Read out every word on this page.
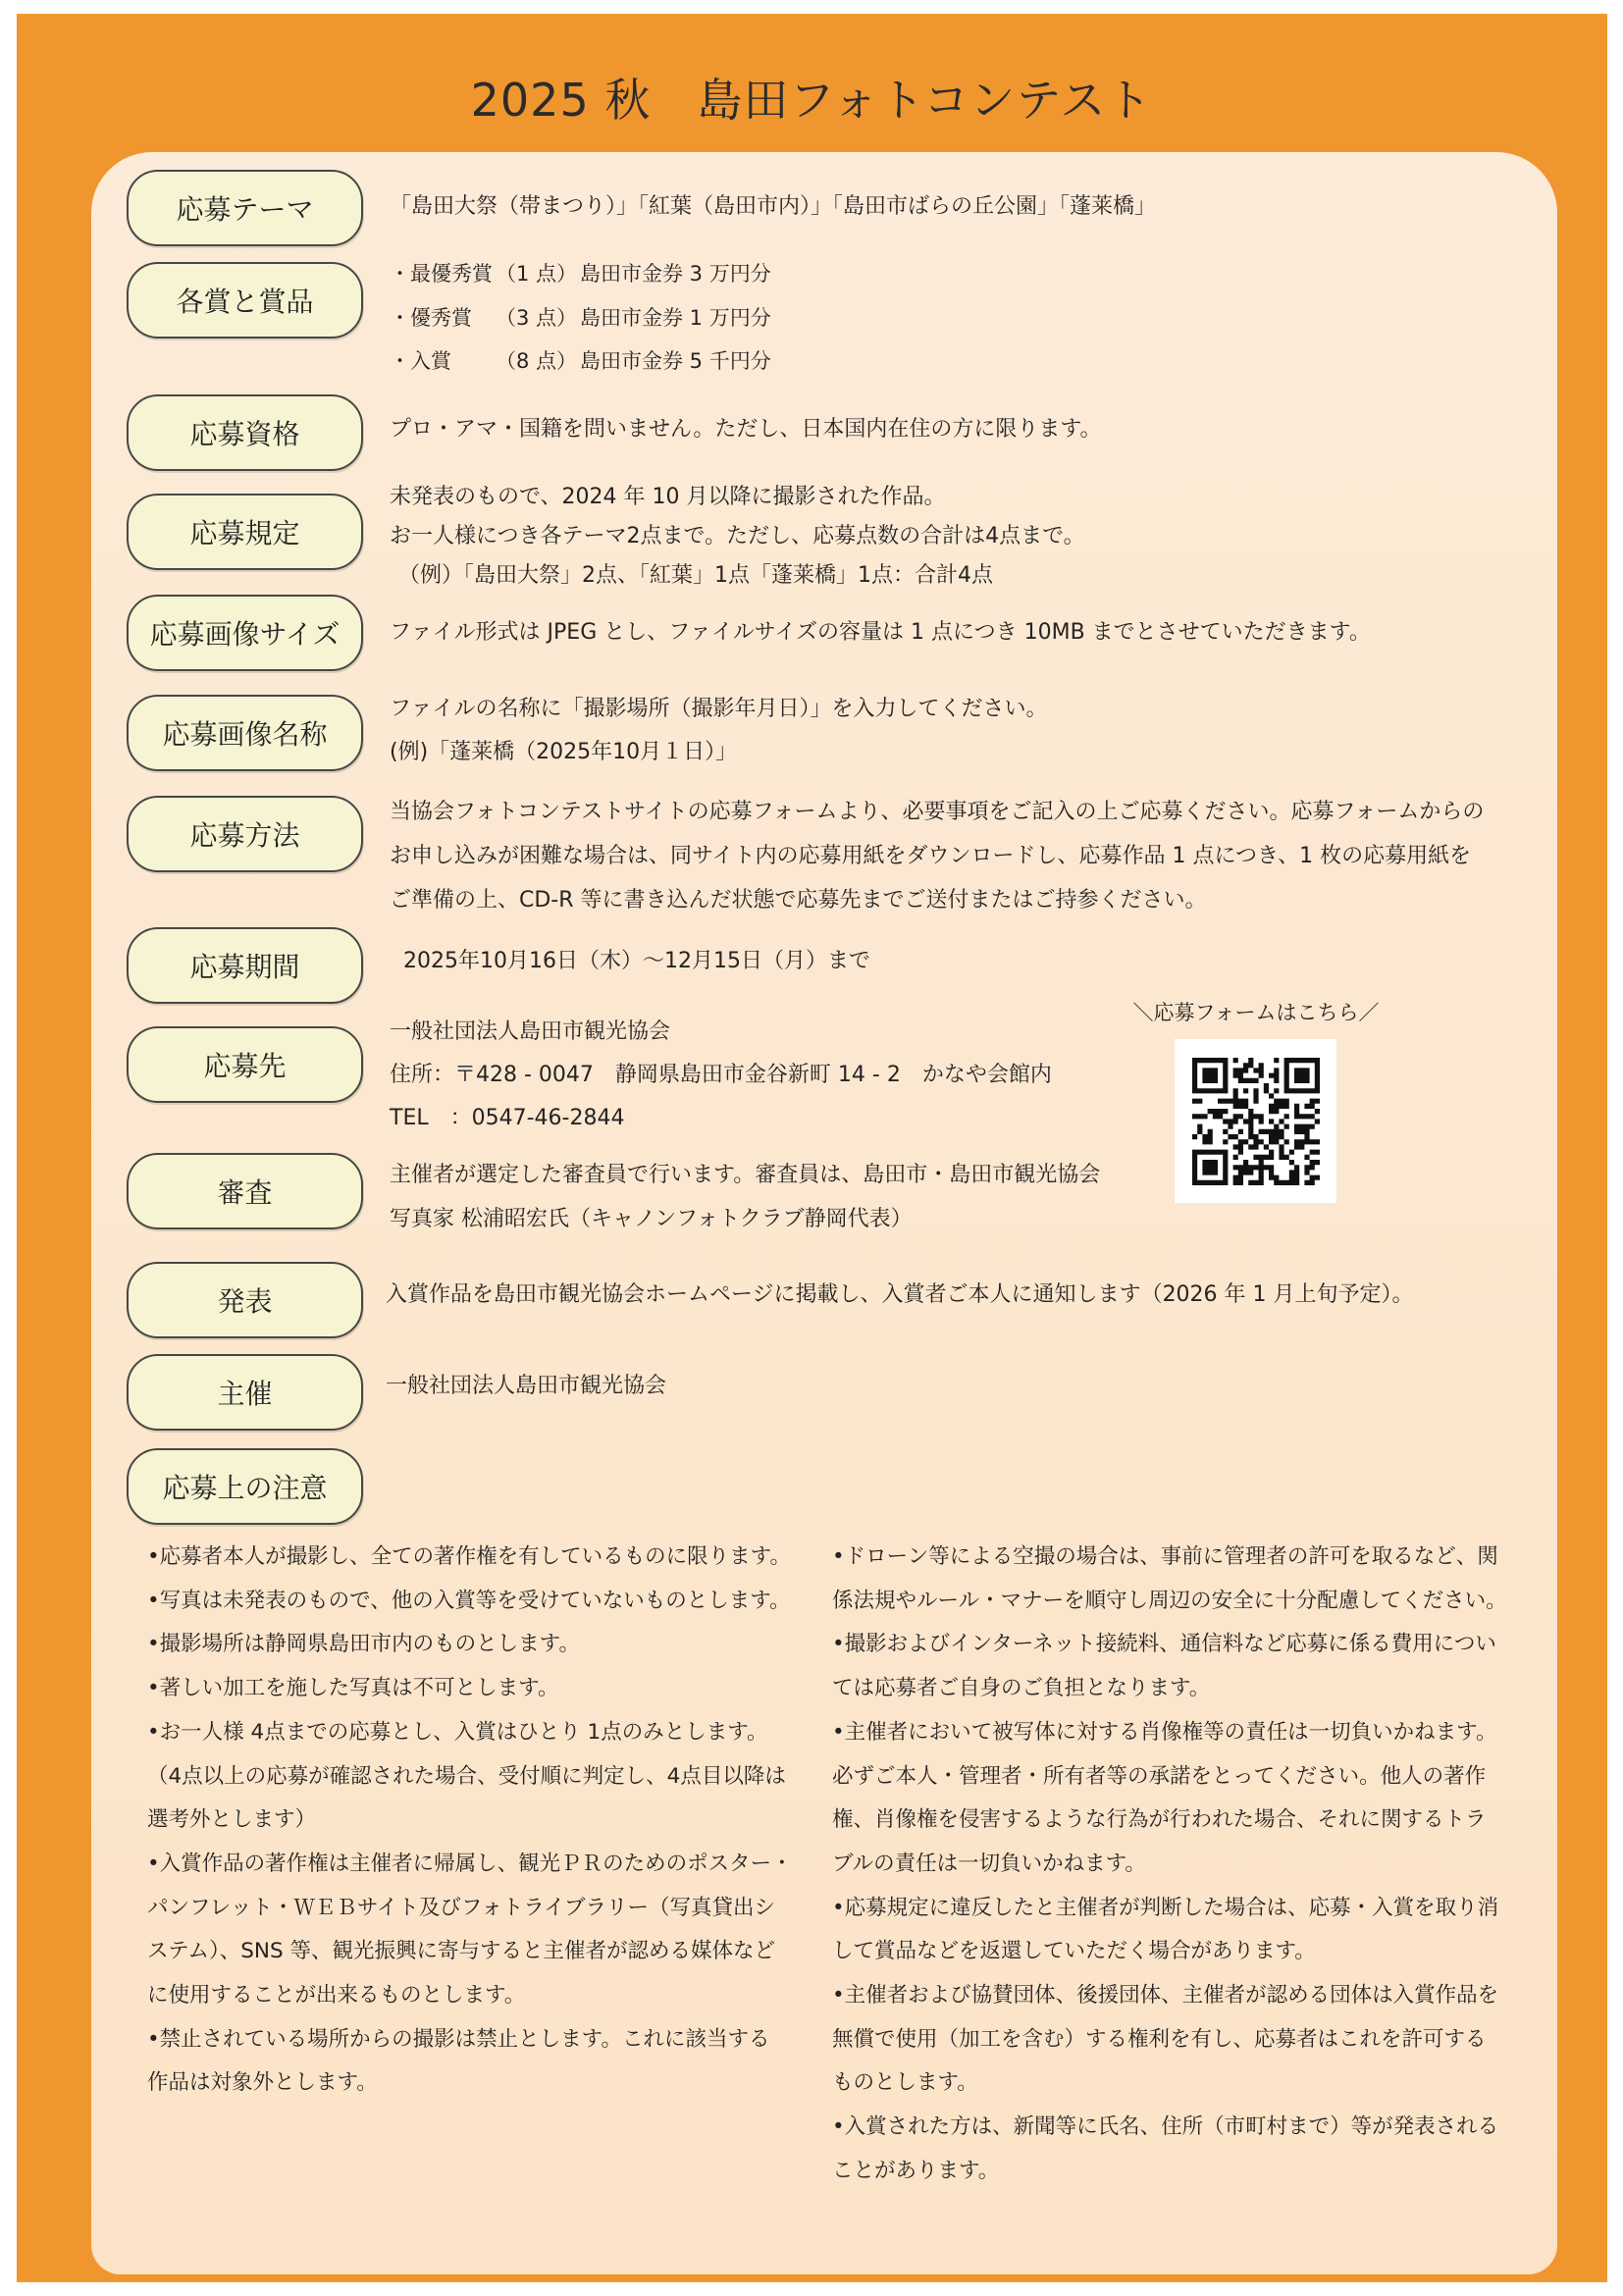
2025 秋　島田フォトコンテスト
応募テーマ
各賞と賞品
応募資格
応募規定
応募画像サイズ
応募画像名称
応募方法
応募期間
応募先
審査
発表
主催
応募上の注意
「島田大祭（帯まつり）」「紅葉（島田市内）」「島田市ばらの丘公園」「蓬莱橋」
・最優秀賞 （1 点） 島田市金券 3 万円分
・優秀賞	（3 点） 島田市金券 1 万円分
・入賞	（8 点） 島田市金券 5 千円分
プロ・アマ・国籍を問いません。ただし、日本国内在住の方に限ります。
未発表のもので、2024 年 10 月以降に撮影された作品。
お一人様につき各テーマ2点まで。ただし、応募点数の合計は4点まで。
（例）「島田大祭」2点、「紅葉」1点「蓬莱橋」1点：合計4点
ファイル形式は JPEG とし、ファイルサイズの容量は 1 点につき 10MB までとさせていただきます。
ファイルの名称に「撮影場所（撮影年月日）」を入力してください。
(例)「蓬莱橋（2025年10月１日）」
当協会フォトコンテストサイトの応募フォームより、必要事項をご記入の上ご応募ください。応募フォームからの
お申し込みが困難な場合は、同サイト内の応募用紙をダウンロードし、応募作品 1 点につき、1 枚の応募用紙を
ご準備の上、CD-R 等に書き込んだ状態で応募先までご送付またはご持参ください。
2025年10月16日（木）～12月15日（月）まで
一般社団法人島田市観光協会
住所：〒428 - 0047　静岡県島田市金谷新町 14 - 2　かなや会館内
TEL　：0547-46-2844
＼応募フォームはこちら／
主催者が選定した審査員で行います。審査員は、島田市・島田市観光協会
写真家 松浦昭宏氏（キャノンフォトクラブ静岡代表）
入賞作品を島田市観光協会ホームページに掲載し、入賞者ご本人に通知します（2026 年 1 月上旬予定）。
一般社団法人島田市観光協会
•応募者本人が撮影し、全ての著作権を有しているものに限ります。
•写真は未発表のもので、他の入賞等を受けていないものとします。
•撮影場所は静岡県島田市内のものとします。
•著しい加工を施した写真は不可とします。
•お一人様 4点までの応募とし、入賞はひとり 1点のみとします。
（4点以上の応募が確認された場合、受付順に判定し、4点目以降は
選考外とします）
•入賞作品の著作権は主催者に帰属し、観光ＰＲのためのポスター・
パンフレット・ＷＥＢサイト及びフォトライブラリー（写真貸出シ
ステム）、SNS 等、観光振興に寄与すると主催者が認める媒体など
に使用することが出来るものとします。
•禁止されている場所からの撮影は禁止とします。これに該当する
作品は対象外とします。
•ドローン等による空撮の場合は、事前に管理者の許可を取るなど、関
係法規やルール・マナーを順守し周辺の安全に十分配慮してください。
•撮影およびインターネット接続料、通信料など応募に係る費用につい
ては応募者ご自身のご負担となります。
•主催者において被写体に対する肖像権等の責任は一切負いかねます。
必ずご本人・管理者・所有者等の承諾をとってください。他人の著作
権、肖像権を侵害するような行為が行われた場合、それに関するトラ
ブルの責任は一切負いかねます。
•応募規定に違反したと主催者が判断した場合は、応募・入賞を取り消
して賞品などを返還していただく場合があります。
•主催者および協賛団体、後援団体、主催者が認める団体は入賞作品を
無償で使用（加工を含む）する権利を有し、応募者はこれを許可する
ものとします。
•入賞された方は、新聞等に氏名、住所（市町村まで）等が発表される
ことがあります。
